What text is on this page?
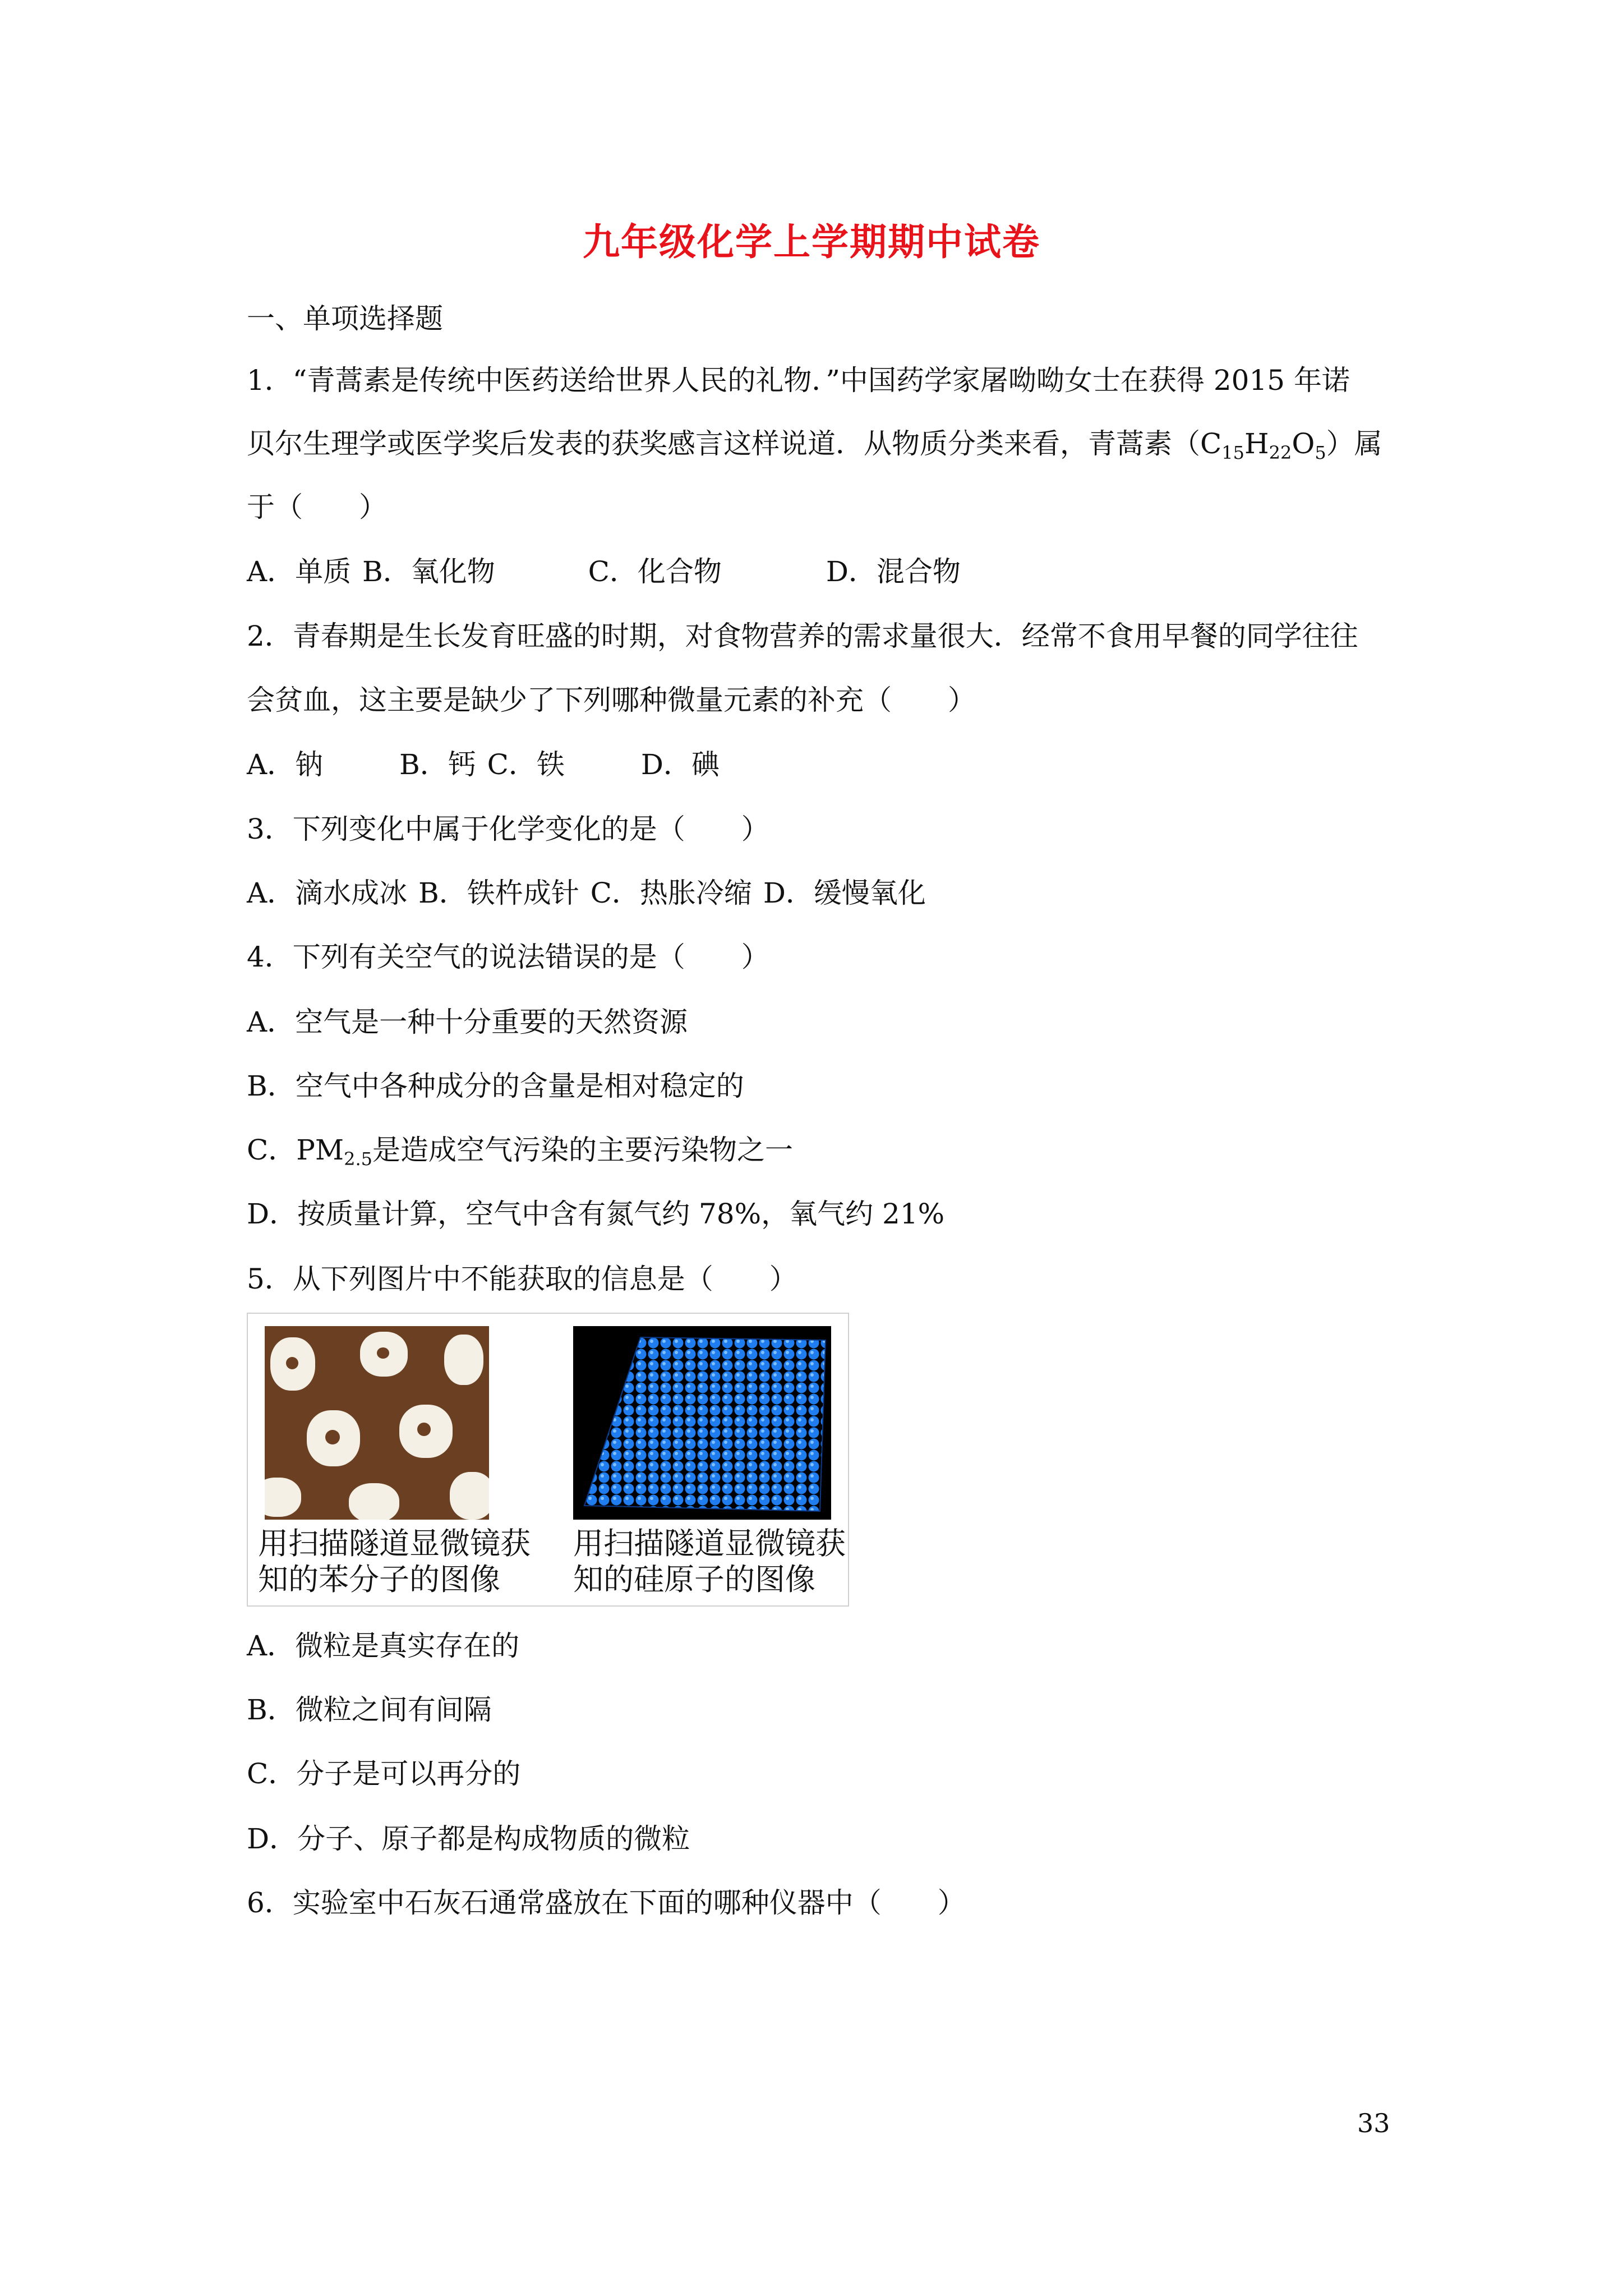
九年级化学上学期期中试卷
一、单项选择题
1．“青蒿素是传统中医药送给世界人民的礼物．”中国药学家屠呦呦女士在获得 2015 年诺
贝尔生理学或医学奖后发表的获奖感言这样说道．从物质分类来看，青蒿素$(C_{15}H_{22}O_5)$属
于（　　）
A．单质 B．氧化物	C．化合物	D．混合物
2．青春期是生长发育旺盛的时期，对食物营养的需求量很大．经常不食用早餐的同学往往
会贫血，这主要是缺少了下列哪种微量元素的补充（　　）
A．钠	B．钙 C．铁	D．碘
3．下列变化中属于化学变化的是（　　）
A．滴水成冰 B．铁杵成针 C．热胀冷缩 D．缓慢氧化
4．下列有关空气的说法错误的是（　　）
A．空气是一种十分重要的天然资源
B．空气中各种成分的含量是相对稳定的
C．$PM_{2.5}$是造成空气污染的主要污染物之一
D．按质量计算，空气中含有氮气约 78%，氧气约 21%
5．从下列图片中不能获取的信息是（　　）
用扫描隧道显微镜获
知的苯分子的图像
用扫描隧道显微镜获
知的硅原子的图像
A．微粒是真实存在的
B．微粒之间有间隔
C．分子是可以再分的
D．分子、原子都是构成物质的微粒
6．实验室中石灰石通常盛放在下面的哪种仪器中（　　）
33
